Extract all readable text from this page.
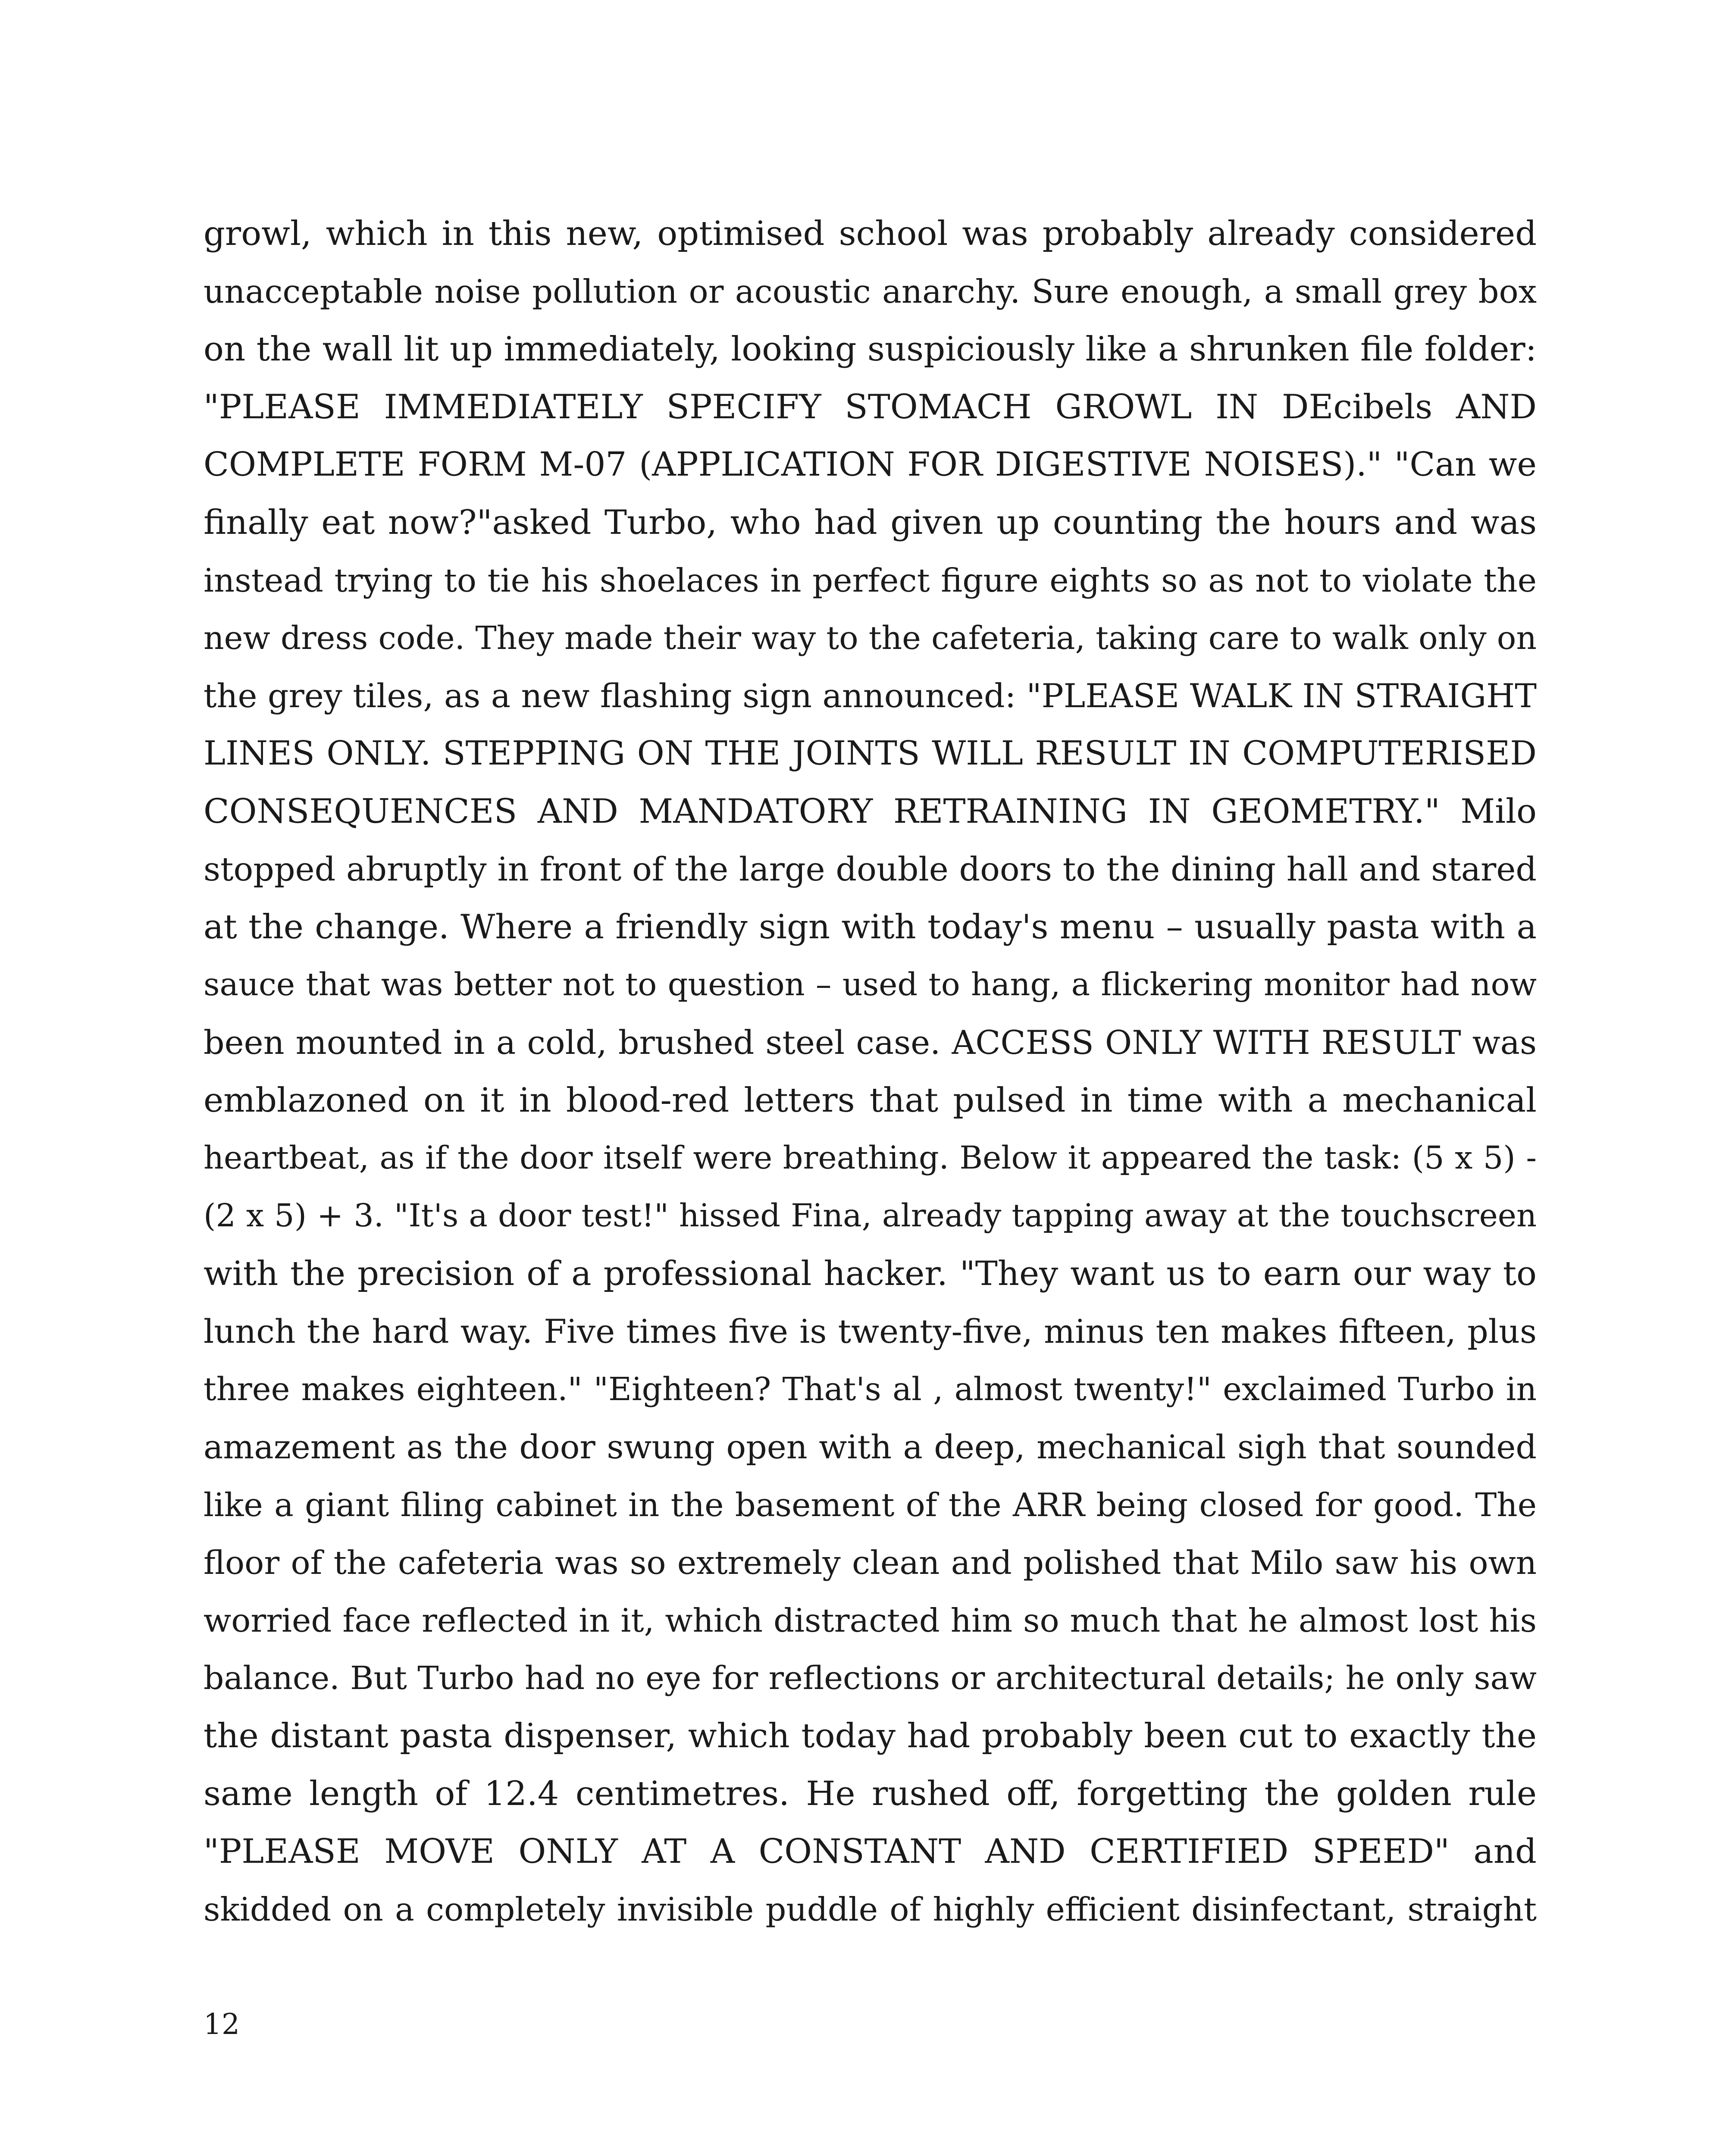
growl, which in this new, optimised school was probably already considered
unacceptable noise pollution or acoustic anarchy. Sure enough, a small grey box
on the wall lit up immediately, looking suspiciously like a shrunken file folder:
"PLEASE IMMEDIATELY SPECIFY STOMACH GROWL IN DEcibels AND
COMPLETE FORM M-07 (APPLICATION FOR DIGESTIVE NOISES)." "Can we
finally eat now?"asked Turbo, who had given up counting the hours and was
instead trying to tie his shoelaces in perfect figure eights so as not to violate the
new dress code. They made their way to the cafeteria, taking care to walk only on
the grey tiles, as a new flashing sign announced: "PLEASE WALK IN STRAIGHT
LINES ONLY. STEPPING ON THE JOINTS WILL RESULT IN COMPUTERISED
CONSEQUENCES AND MANDATORY RETRAINING IN GEOMETRY." Milo
stopped abruptly in front of the large double doors to the dining hall and stared
at the change. Where a friendly sign with today's menu – usually pasta with a
sauce that was better not to question – used to hang, a flickering monitor had now
been mounted in a cold, brushed steel case. ACCESS ONLY WITH RESULT was
emblazoned on it in blood-red letters that pulsed in time with a mechanical
heartbeat, as if the door itself were breathing. Below it appeared the task: (5 x 5) -
(2 x 5) + 3. "It's a door test!" hissed Fina, already tapping away at the touchscreen
with the precision of a professional hacker. "They want us to earn our way to
lunch the hard way. Five times five is twenty-five, minus ten makes fifteen, plus
three makes eighteen." "Eighteen? That's al , almost twenty!" exclaimed Turbo in
amazement as the door swung open with a deep, mechanical sigh that sounded
like a giant filing cabinet in the basement of the ARR being closed for good. The
floor of the cafeteria was so extremely clean and polished that Milo saw his own
worried face reflected in it, which distracted him so much that he almost lost his
balance. But Turbo had no eye for reflections or architectural details; he only saw
the distant pasta dispenser, which today had probably been cut to exactly the
same length of 12.4 centimetres. He rushed off, forgetting the golden rule
"PLEASE MOVE ONLY AT A CONSTANT AND CERTIFIED SPEED" and
skidded on a completely invisible puddle of highly efficient disinfectant, straight
12
